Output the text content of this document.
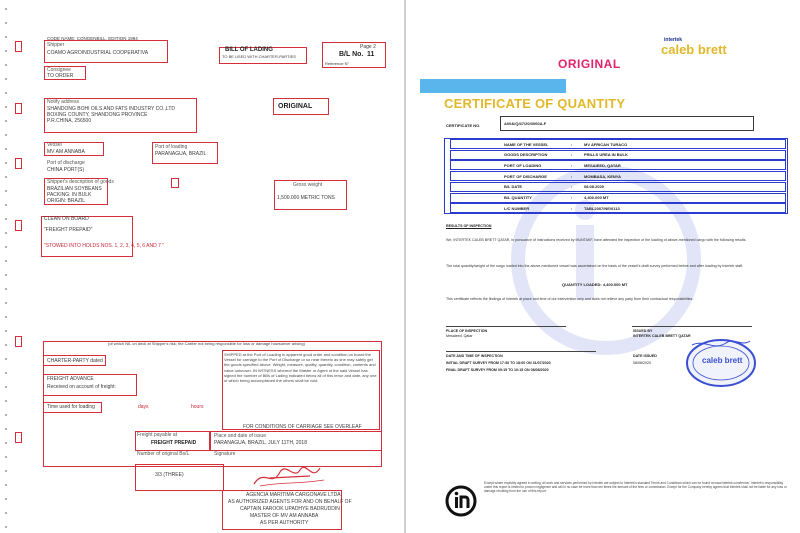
CODE NAME: CONGENBILL. EDITION 1994
Page 2
Shipper
COAMO AGROINDUSTRIAL COOPERATIVA	BILL OF LADING
TO BE USED WITH CHARTER-PARTIES	B/L No. 11
Reference N°
Consignee
TO ORDER
Notify address
SHANDONG BOHI OILS AND FATS INDUSTRY CO.,LTD
BOXING COUNTY, SHANDONG PROVINCE
P.R.CHINA, 256500
ORIGINAL
Vessel
MV AM ANNABA
Port of loading
PARANAGUA, BRAZIL
Port of discharge
CHINA PORT(S)
Shipper's description of goods
BRAZILIAN SOYBEANS
PACKING: IN BULK
ORIGIN: BRAZIL
Gross weight
1,500.000 METRIC TONS
CLEAN ON BOARD
"FREIGHT PREPAID"
"STOWED INTO HOLDS NOS. 1, 2, 3, 4, 5, 6 AND 7 "
(of which NIL on deck at Shipper's risk; the Carrier not being responsible for loss or damage howsoever arising)
CHARTER-PARTY dated
FREIGHT ADVANCE
Received on account of freight:
Time used for loading	days	hours
SHIPPED at the Port of Loading in apparent good order and condition on board the Vessel for carriage to the Port of Discharge or so near thereto as she may safely get the goods specified above. Weight, measure, quality, quantity, condition, contents and value unknown. IN WITNESS whereof the Master or Agent of the said Vessel has signed the number of Bills of Lading indicated below all of this tenor and date, any one of which being accomplished the others shall be void.
FOR CONDITIONS OF CARRIAGE SEE OVERLEAF
Freight payable at
FREIGHT PREPAID
Place and date of issue
PARANAGUA, BRAZIL, JULY 11TH, 2018
Number of original Bs/L	Signature
3/3 (THREE)
AGENCIA MARITIMA CARGONAVE LTDA
AS AUTHORIZED AGENTS FOR AND ON BEHALF OF
CAPTAIN FAROOK UPADHYE BADRUDDIN
MASTER OF MV AM ANNABA
AS PER AUTHORITY
intertek
caleb brett
ORIGINAL
CERTIFICATE OF QUANTITY
CERTIFICATE NO.	A00&/Q/47/20/3000A-F
NAME OF THE VESSEL	:	MV AFRICAN TURACO
GOODS DESCRIPTION	:	PRILLS UREA IN BULK
PORT OF LOADING	:	MESAIEED, QATAR
PORT OF DISCHARGE	:	MOMBASA, KENYA
B/L DATE	:	08.08.2020
B/L QUANTITY	:	4,400.000 MT
L/C NUMBER	:	TABL2007/NE/0113
RESULTS OF INSPECTION
We, INTERTEK CALEB BRETT QATAR, in pursuance of instructions received by MUNTAKF, have attended the inspection of the loading of above-mentioned cargo with the following results.
The total quantity/weight of the cargo loaded into the above-mentioned vessel was ascertained on the basis of the vessel's draft survey performed before and after loading by Intertek staff.
QUANTITY LOADED: 4,400.000 MT
This certificate reflects the findings of Intertek at place and time of our intervention only and does not relieve any party from their contractual responsibilities.
PLACE OF INSPECTION
Mesaieed, Qatar
ISSUED BY
INTERTEK CALEB BRETT QATAR
DATE AND TIME OF INSPECTION
INITIAL DRAFT SURVEY FROM 17:30 TO 18:00 ON 31/07/2020
FINAL DRAFT SURVEY FROM 09:15 TO 10:15 ON 08/08/2020
DATE ISSUED
08/08/2020	caleb brett
Except where explicitly agreed in writing, all work and services performed by Intertek are subject to Intertek's standard Terms and Conditions which can be found at www.intertek.com/terms/. Intertek's responsibility under this report is limited to proven negligence and will in no case be more than ten times the amount of the fees or commission. Except for the Company hereby agrees that Intertek shall not be liable for any loss or damage resulting from the use of this report.
